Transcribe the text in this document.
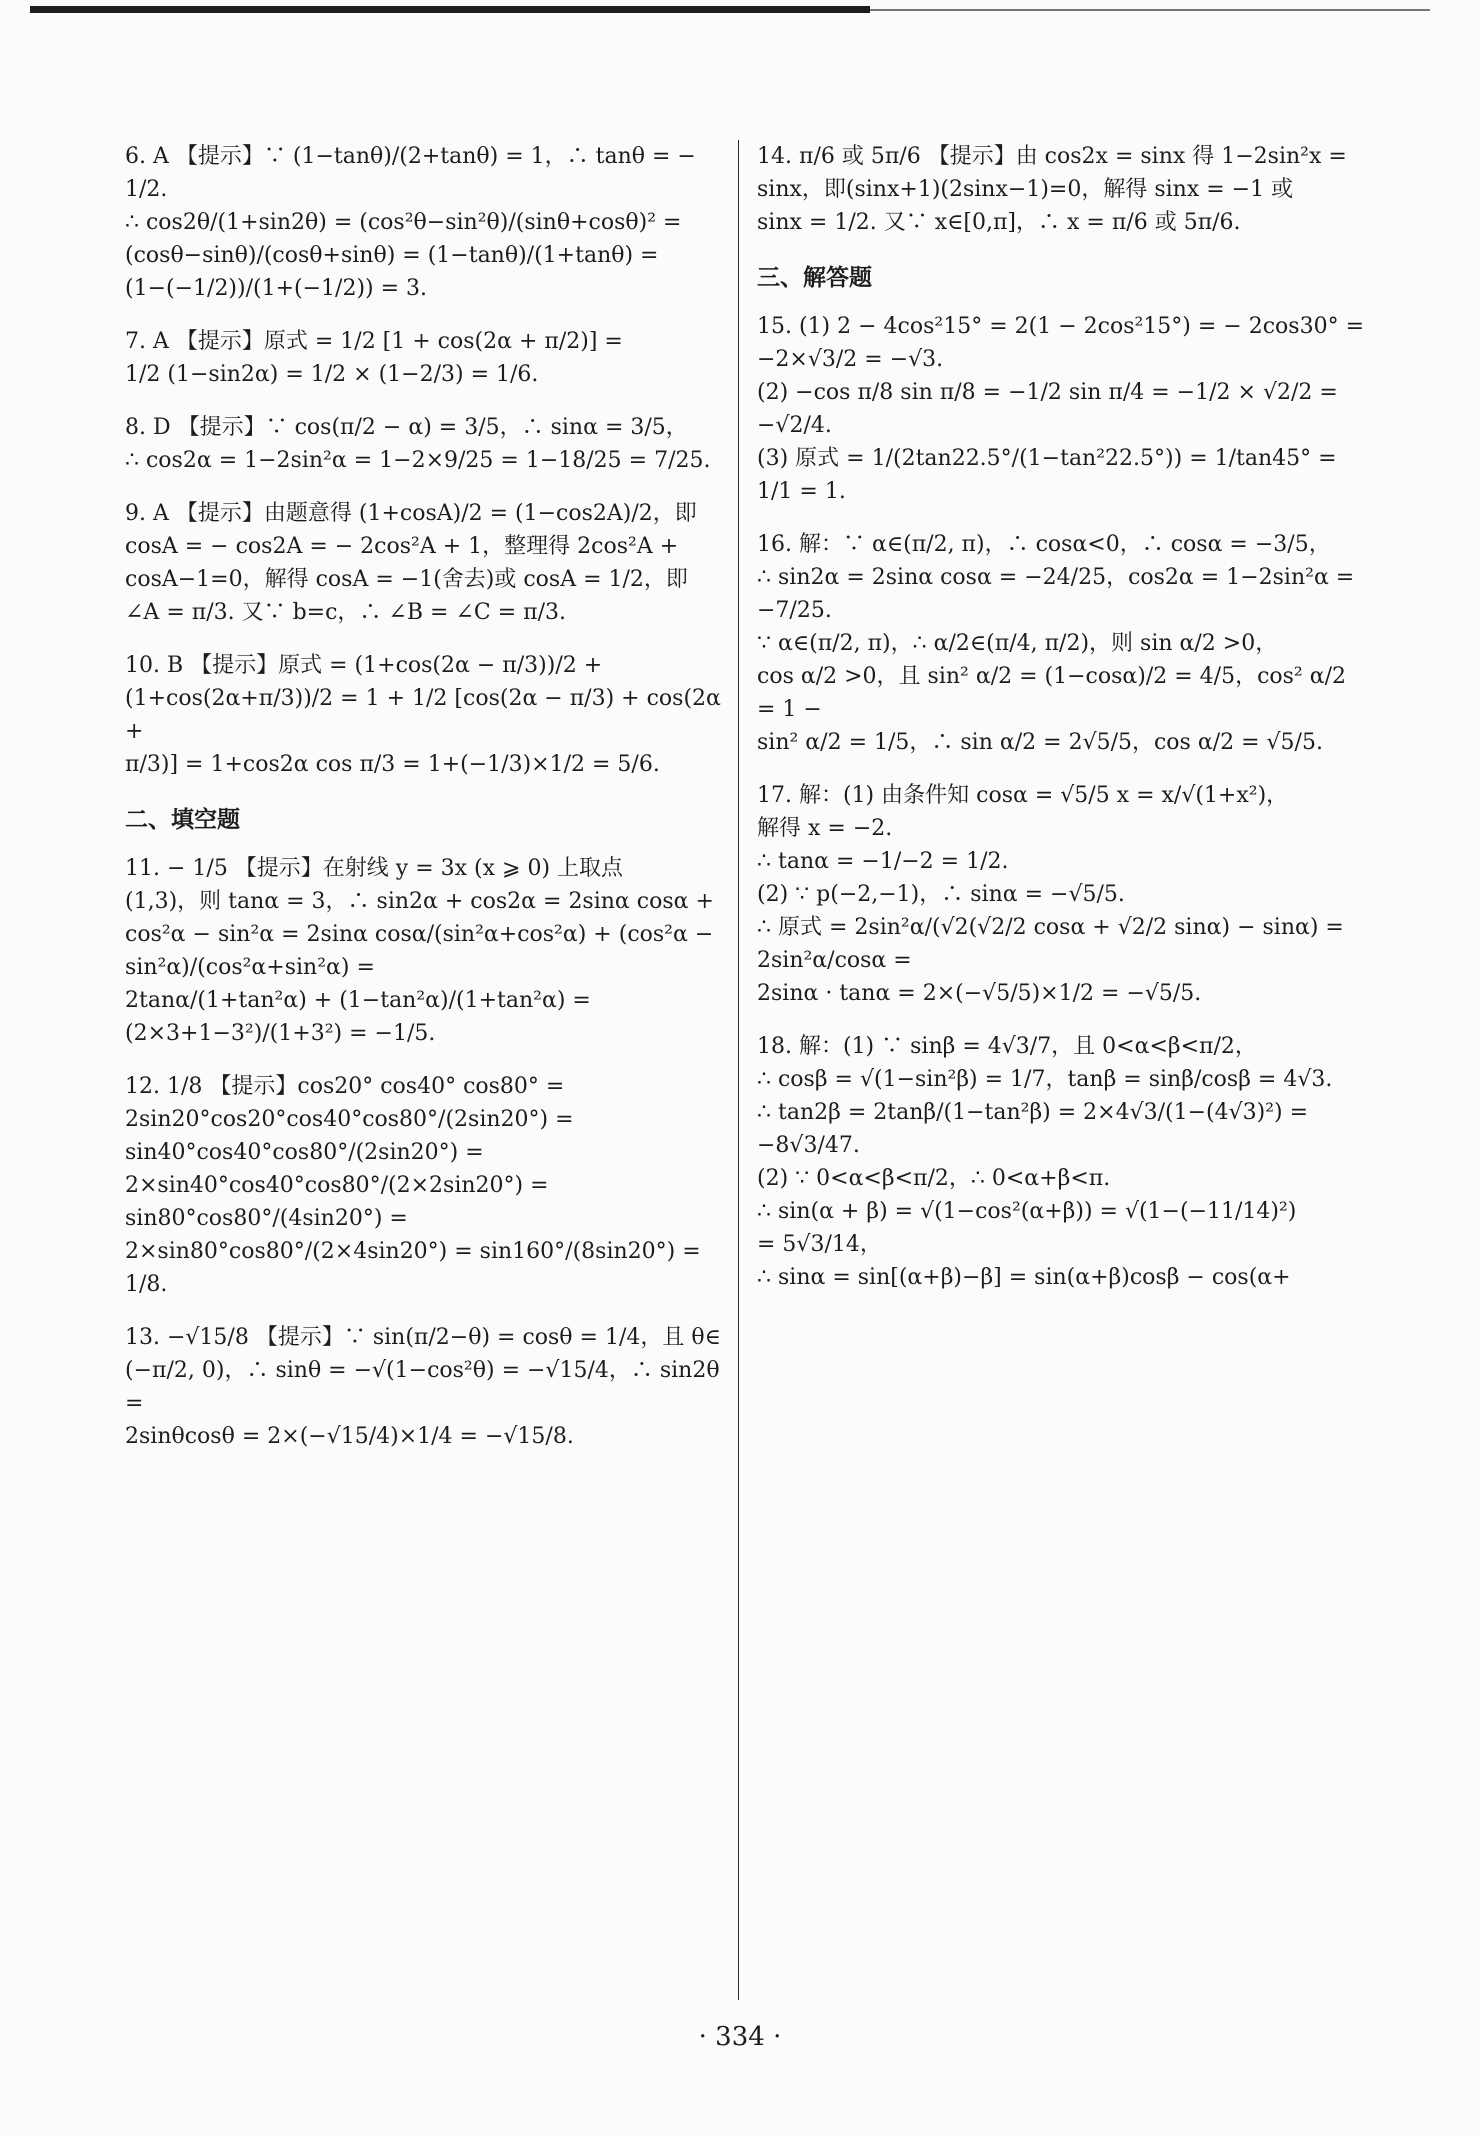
6. A 【提示】∵ (1−tanθ)/(2+tanθ) = 1，∴ tanθ = − 1/2.
∴ cos2θ/(1+sin2θ) = (cos²θ−sin²θ)/(sinθ+cosθ)² = (cosθ−sinθ)/(cosθ+sinθ) = (1−tanθ)/(1+tanθ) =
(1−(−1/2))/(1+(−1/2)) = 3.
7. A 【提示】原式 = 1/2 [1 + cos(2α + π/2)] =
1/2 (1−sin2α) = 1/2 × (1−2/3) = 1/6.
8. D 【提示】∵ cos(π/2 − α) = 3/5，∴ sinα = 3/5，
∴ cos2α = 1−2sin²α = 1−2×9/25 = 1−18/25 = 7/25.
9. A 【提示】由题意得 (1+cosA)/2 = (1−cos2A)/2，即
cosA = − cos2A = − 2cos²A + 1，整理得 2cos²A +
cosA−1=0，解得 cosA = −1(舍去)或 cosA = 1/2，即
∠A = π/3. 又∵ b=c，∴ ∠B = ∠C = π/3.
10. B 【提示】原式 = (1+cos(2α − π/3))/2 +
(1+cos(2α+π/3))/2 = 1 + 1/2 [cos(2α − π/3) + cos(2α +
π/3)] = 1+cos2α cos π/3 = 1+(−1/3)×1/2 = 5/6.
二、填空题
11. − 1/5 【提示】在射线 y = 3x (x ⩾ 0) 上取点
(1,3)，则 tanα = 3，∴ sin2α + cos2α = 2sinα cosα +
cos²α − sin²α = 2sinα cosα/(sin²α+cos²α) + (cos²α − sin²α)/(cos²α+sin²α) =
2tanα/(1+tan²α) + (1−tan²α)/(1+tan²α) = (2×3+1−3²)/(1+3²) = −1/5.
12. 1/8 【提示】cos20° cos40° cos80° =
2sin20°cos20°cos40°cos80°/(2sin20°) = sin40°cos40°cos80°/(2sin20°) =
2×sin40°cos40°cos80°/(2×2sin20°) = sin80°cos80°/(4sin20°) =
2×sin80°cos80°/(2×4sin20°) = sin160°/(8sin20°) = 1/8.
13. −√15/8 【提示】∵ sin(π/2−θ) = cosθ = 1/4，且 θ∈
(−π/2, 0)，∴ sinθ = −√(1−cos²θ) = −√15/4，∴ sin2θ =
2sinθcosθ = 2×(−√15/4)×1/4 = −√15/8.
14. π/6 或 5π/6 【提示】由 cos2x = sinx 得 1−2sin²x =
sinx，即(sinx+1)(2sinx−1)=0，解得 sinx = −1 或
sinx = 1/2. 又∵ x∈[0,π]，∴ x = π/6 或 5π/6.
三、解答题
15. (1) 2 − 4cos²15° = 2(1 − 2cos²15°) = − 2cos30° =
−2×√3/2 = −√3.
(2) −cos π/8 sin π/8 = −1/2 sin π/4 = −1/2 × √2/2 = −√2/4.
(3) 原式 = 1/(2tan22.5°/(1−tan²22.5°)) = 1/tan45° = 1/1 = 1.
16. 解：∵ α∈(π/2, π)，∴ cosα<0，∴ cosα = −3/5，
∴ sin2α = 2sinα cosα = −24/25，cos2α = 1−2sin²α = −7/25.
∵ α∈(π/2, π)，∴ α/2∈(π/4, π/2)，则 sin α/2 >0，
cos α/2 >0，且 sin² α/2 = (1−cosα)/2 = 4/5，cos² α/2 = 1 −
sin² α/2 = 1/5，∴ sin α/2 = 2√5/5，cos α/2 = √5/5.
17. 解：(1) 由条件知 cosα = √5/5 x = x/√(1+x²)，
解得 x = −2.
∴ tanα = −1/−2 = 1/2.
(2) ∵ p(−2,−1)，∴ sinα = −√5/5.
∴ 原式 = 2sin²α/(√2(√2/2 cosα + √2/2 sinα) − sinα) = 2sin²α/cosα =
2sinα · tanα = 2×(−√5/5)×1/2 = −√5/5.
18. 解：(1) ∵ sinβ = 4√3/7，且 0<α<β<π/2，
∴ cosβ = √(1−sin²β) = 1/7，tanβ = sinβ/cosβ = 4√3.
∴ tan2β = 2tanβ/(1−tan²β) = 2×4√3/(1−(4√3)²) = −8√3/47.
(2) ∵ 0<α<β<π/2，∴ 0<α+β<π.
∴ sin(α + β) = √(1−cos²(α+β)) = √(1−(−11/14)²)
= 5√3/14，
∴ sinα = sin[(α+β)−β] = sin(α+β)cosβ − cos(α+
· 334 ·
